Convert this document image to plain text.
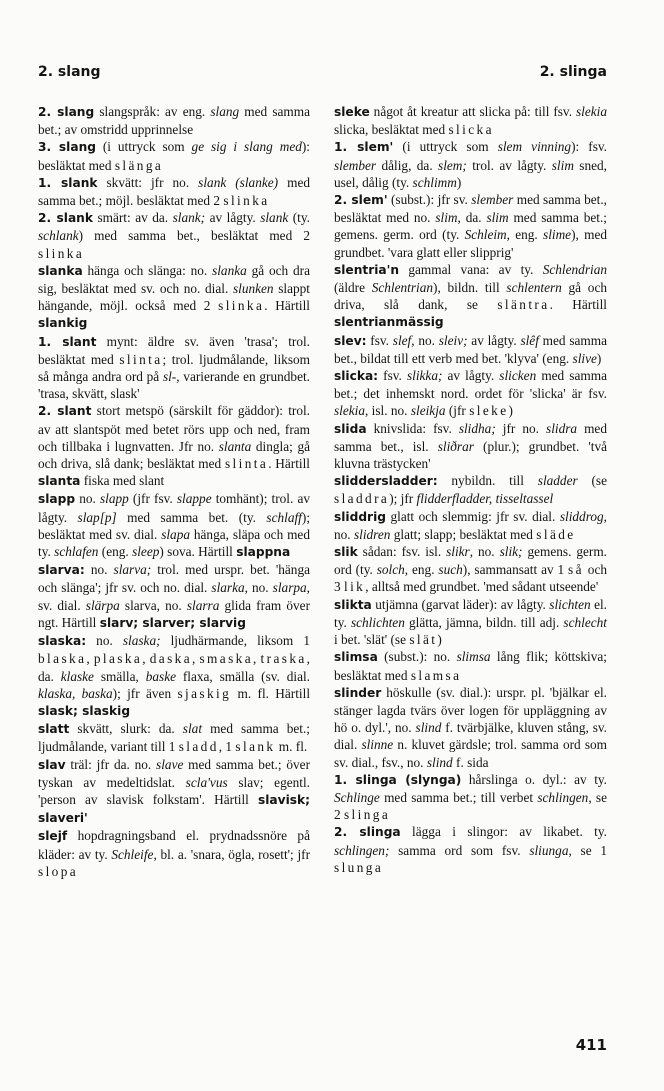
2. slang	2. slinga

2. slang slangspråk: av eng. slang med samma bet.; av omstridd upprinnelse

3. slang (i uttryck som ge sig i slang med): besläktat med slänga

1. slank skvätt: jfr no. slank (slanke) med samma bet.; möjl. besläktat med 2 slinka

2. slank smärt: av da. slank; av lågty. slank (ty. schlank) med samma bet., besläktat med 2 slinka

slanka hänga och slänga: no. slanka gå och dra sig, besläktat med sv. och no. dial. slunken slappt hängande, möjl. också med 2 slinka. Härtill slankig

1. slant mynt: äldre sv. även 'trasa'; trol. besläktat med slinta; trol. ljudmålande, liksom så många andra ord på sl-, varierande en grundbet. 'trasa, skvätt, slask'

2. slant stort metspö (särskilt för gäddor): trol. av att slantspöt med betet rörs upp och ned, fram och tillbaka i lugnvatten. Jfr no. slanta dingla; gå och driva, slå dank; besläktat med slinta. Härtill slanta fiska med slant

slapp no. slapp (jfr fsv. slappe tomhänt); trol. av lågty. slap[p] med samma bet. (ty. schlaff); besläktat med sv. dial. slapa hänga, släpa och med ty. schlafen (eng. sleep) sova. Härtill slappna

slarva: no. slarva; trol. med urspr. bet. 'hänga och slänga'; jfr sv. och no. dial. slarka, no. slarpa, sv. dial. slärpa slarva, no. slarra glida fram över ngt. Härtill slarv; slarver; slarvig

slaska: no. slaska; ljudhärmande, liksom 1 blaska, plaska, daska, smaska, traska, da. klaske smälla, baske flaxa, smälla (sv. dial. klaska, baska); jfr även sjaskig m. fl. Härtill slask; slaskig

slatt skvätt, slurk: da. slat med samma bet.; ljudmålande, variant till 1 sladd, 1 slank m. fl.

slav träl: jfr da. no. slave med samma bet.; över tyskan av medeltidslat. scla'vus slav; egentl. 'person av slavisk folkstam'. Härtill slavisk; slaveri'

slejf hopdragningsband el. prydnadssnöre på kläder: av ty. Schleife, bl. a. 'snara, ögla, rosett'; jfr slopa

sleke något åt kreatur att slicka på: till fsv. slekia slicka, besläktat med slicka

1. slem' (i uttryck som slem vinning): fsv. slember dålig, da. slem; trol. av lågty. slim sned, usel, dålig (ty. schlimm)

2. slem' (subst.): jfr sv. slember med samma bet., besläktat med no. slim, da. slim med samma bet.; gemens. germ. ord (ty. Schleim, eng. slime), med grundbet. 'vara glatt eller slipprig'

slentria'n gammal vana: av ty. Schlendrian (äldre Schlentrian), bildn. till schlentern gå och driva, slå dank, se släntra. Härtill slentrianmässig

slev: fsv. slef, no. sleiv; av lågty. slêf med samma bet., bildat till ett verb med bet. 'klyva' (eng. slive)

slicka: fsv. slikka; av lågty. slicken med samma bet.; det inhemskt nord. ordet för 'slicka' är fsv. slekia, isl. no. sleikja (jfr sleke)

slida knivslida: fsv. slidha; jfr no. slidra med samma bet., isl. sliðrar (plur.); grundbet. 'två kluvna trästycken'

sliddersladder: nybildn. till sladder (se sladdra); jfr flidderfladder, tisseltassel

sliddrig glatt och slemmig: jfr sv. dial. sliddrog, no. slidren glatt; slapp; besläktat med släde

slik sådan: fsv. isl. slikr, no. slik; gemens. germ. ord (ty. solch, eng. such), sammansatt av 1 så och 3 lik, alltså med grundbet. 'med sådant utseende'

slikta utjämna (garvat läder): av lågty. slichten el. ty. schlichten glätta, jämna, bildn. till adj. schlecht i bet. 'slät' (se slät)

slimsa (subst.): no. slimsa lång flik; köttskiva; besläktat med slamsa

slinder höskulle (sv. dial.): urspr. pl. 'bjälkar el. stänger lagda tvärs över logen för uppläggning av hö o. dyl.', no. slind f. tvärbjälke, kluven stång, sv. dial. slinne n. kluvet gärdsle; trol. samma ord som sv. dial., fsv., no. slind f. sida

1. slinga (slynga) hårslinga o. dyl.: av ty. Schlinge med samma bet.; till verbet schlingen, se 2 slinga

2. slinga lägga i slingor: av likabet. ty. schlingen; samma ord som fsv. sliunga, se 1 slunga

411
